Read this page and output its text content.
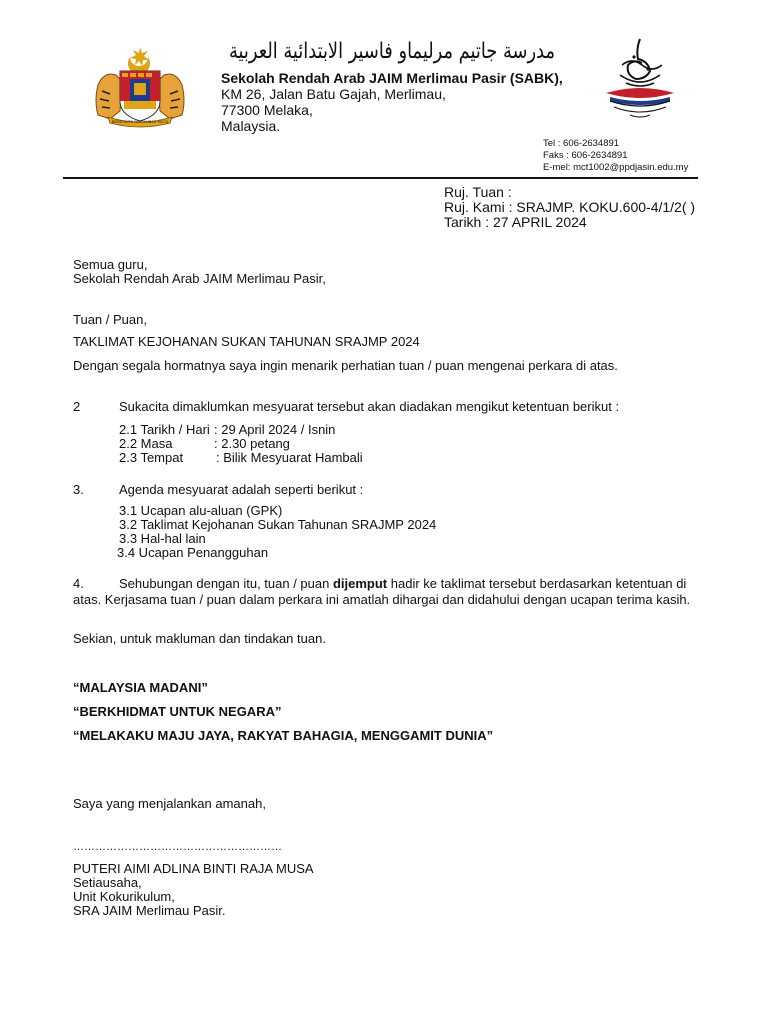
BERSEKUTU BERTAMBAH MUTU
مدرسة جاتيم مرليماو فاسير الابتدائية العربية
Sekolah Rendah Arab JAIM Merlimau Pasir (SABK),
KM 26, Jalan Batu Gajah, Merlimau,
77300 Melaka,
Malaysia.
Tel : 606-2634891
Faks : 606-2634891
E-mel: mct1002@ppdjasin.edu.my
Ruj. Tuan :
Ruj. Kami : SRAJMP. KOKU.600-4/1/2( )
Tarikh : 27 APRIL 2024
Semua guru,
Sekolah Rendah Arab JAIM Merlimau Pasir,
Tuan / Puan,
TAKLIMAT KEJOHANAN SUKAN TAHUNAN SRAJMP 2024
Dengan segala hormatnya saya ingin menarik perhatian tuan / puan mengenai perkara di atas.
2	Sukacita dimaklumkan mesyuarat tersebut akan diadakan mengikut ketentuan berikut :
2.1 Tarikh / Hari : 29 April 2024 / Isnin
2.2 Masa	: 2.30 petang
2.3 Tempat	: Bilik Mesyuarat Hambali
3.	Agenda mesyuarat adalah seperti berikut :
3.1 Ucapan alu-aluan (GPK)
3.2 Taklimat Kejohanan Sukan Tahunan SRAJMP 2024
3.3 Hal-hal lain
3.4 Ucapan Penangguhan
4.	Sehubungan dengan itu, tuan / puan dijemput hadir ke taklimat tersebut berdasarkan ketentuan di
atas. Kerjasama tuan / puan dalam perkara ini amatlah dihargai dan didahului dengan ucapan terima kasih.
Sekian, untuk makluman dan tindakan tuan.
“MALAYSIA MADANI”
“BERKHIDMAT UNTUK NEGARA”
“MELAKAKU MAJU JAYA, RAKYAT BAHAGIA, MENGGAMIT DUNIA”
Saya yang menjalankan amanah,
…………………………………………………
PUTERI AIMI ADLINA BINTI RAJA MUSA
Setiausaha,
Unit Kokurikulum,
SRA JAIM Merlimau Pasir.
